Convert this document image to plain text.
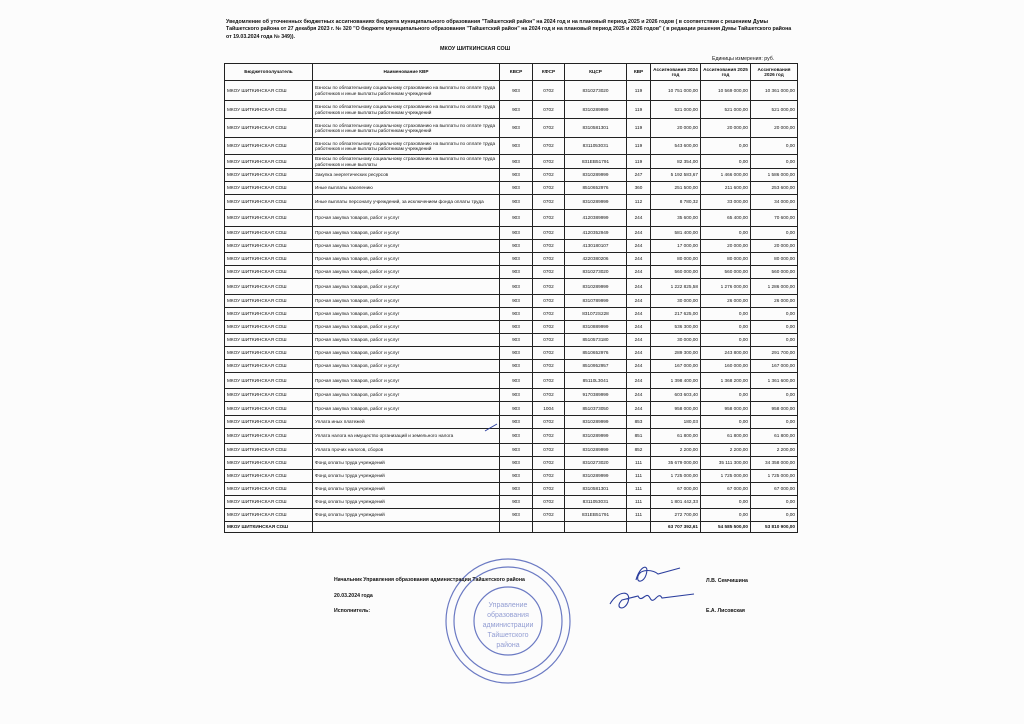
Уведомление об уточненных бюджетных ассигнованиях бюджета муниципального образования "Тайшетский район" на 2024 год и на плановый период 2025 и 2026 годов ( в соответствии с решением Думы Тайшетского района от 27 декабря 2023 г. № 320 "О бюджете муниципального образования "Тайшетский район" на 2024 год и на плановый период 2025 и 2026 годов" ( в редакции решения Думы Тайшетского района от 19.03.2024 года № 349)).
МКОУ ШИТКИНСКАЯ СОШ
Единицы измерения: руб.
Бюджетополучатель	Наименование КВР	КВСР	КФСР	КЦСР	КВР	Ассигнования 2024 год	Ассигнования 2025 год	Ассигнования 2026 год
МКОУ ШИТКИНСКАЯ СОШ	Взносы по обязательному социальному страхованию на выплаты по оплате труда работников и иные выплаты работникам учреждений	903	0702	8310273020	119	10 751 000,00	10 569 000,00	10 361 000,00
МКОУ ШИТКИНСКАЯ СОШ	Взносы по обязательному социальному страхованию на выплаты по оплате труда работников и иные выплаты работникам учреждений	903	0702	8310289999	119	521 000,00	521 000,00	521 000,00
МКОУ ШИТКИНСКАЯ СОШ	Взносы по обязательному социальному страхованию на выплаты по оплате труда работников и иные выплаты работникам учреждений	903	0702	8310581301	119	20 000,00	20 000,00	20 000,00
МКОУ ШИТКИНСКАЯ СОШ	Взносы по обязательному социальному страхованию на выплаты по оплате труда работников и иные выплаты работникам учреждений	903	0702	8311053031	119	543 600,00	0,00	0,00
МКОУ ШИТКИНСКАЯ СОШ	Взносы по обязательному социальному страхованию на выплаты по оплате труда работников и иные выплаты	903	0702	831ЕВ51791	119	82 354,00	0,00	0,00
МКОУ ШИТКИНСКАЯ СОШ	Закупка энергетических ресурсов	903	0702	8310289999	247	5 192 583,67	1 466 000,00	1 586 000,00
МКОУ ШИТКИНСКАЯ СОШ	Иные выплаты населению	903	0702	8510652976	360	251 500,00	211 600,00	253 600,00
МКОУ ШИТКИНСКАЯ СОШ	Иные выплаты персоналу учреждений, за исключением фонда оплаты труда	903	0702	8310289999	112	8 780,32	33 000,00	34 000,00
МКОУ ШИТКИНСКАЯ СОШ	Прочая закупка товаров, работ и услуг	903	0702	4120389999	244	35 600,00	65 400,00	70 600,00
МКОУ ШИТКИНСКАЯ СОШ	Прочая закупка товаров, работ и услуг	903	0702	4120352949	244	581 400,00	0,00	0,00
МКОУ ШИТКИНСКАЯ СОШ	Прочая закупка товаров, работ и услуг	903	0702	4130180107	244	17 000,00	20 000,00	20 000,00
МКОУ ШИТКИНСКАЯ СОШ	Прочая закупка товаров, работ и услуг	903	0702	4220380206	244	80 000,00	80 000,00	80 000,00
МКОУ ШИТКИНСКАЯ СОШ	Прочая закупка товаров, работ и услуг	903	0702	8310273020	244	560 000,00	560 000,00	560 000,00
МКОУ ШИТКИНСКАЯ СОШ	Прочая закупка товаров, работ и услуг	903	0702	8310289999	244	1 222 825,58	1 276 000,00	1 286 000,00
МКОУ ШИТКИНСКАЯ СОШ	Прочая закупка товаров, работ и услуг	903	0702	8310789999	244	30 000,00	26 000,00	26 000,00
МКОУ ШИТКИНСКАЯ СОШ	Прочая закупка товаров, работ и услуг	903	0702	831072S228	244	217 625,00	0,00	0,00
МКОУ ШИТКИНСКАЯ СОШ	Прочая закупка товаров, работ и услуг	903	0702	8310889999	244	536 300,00	0,00	0,00
МКОУ ШИТКИНСКАЯ СОШ	Прочая закупка товаров, работ и услуг	903	0702	8510573180	244	30 000,00	0,00	0,00
МКОУ ШИТКИНСКАЯ СОШ	Прочая закупка товаров, работ и услуг	903	0702	8510652976	244	289 300,00	243 800,00	291 700,00
МКОУ ШИТКИНСКАЯ СОШ	Прочая закупка товаров, работ и услуг	903	0702	8510952957	244	167 000,00	160 000,00	167 000,00
МКОУ ШИТКИНСКАЯ СОШ	Прочая закупка товаров, работ и услуг	903	0702	85110L3041	244	1 398 400,00	1 368 200,00	1 361 600,00
МКОУ ШИТКИНСКАЯ СОШ	Прочая закупка товаров, работ и услуг	903	0702	9170389999	244	603 603,40	0,00	0,00
МКОУ ШИТКИНСКАЯ СОШ	Прочая закупка товаров, работ и услуг	903	1004	8510373050	244	958 000,00	958 000,00	958 000,00
МКОУ ШИТКИНСКАЯ СОШ	Уплата иных платежей	903	0702	8310289999	853	180,03	0,00	0,00
МКОУ ШИТКИНСКАЯ СОШ	Уплата налога на имущество организаций и земельного налога	903	0702	8310289999	851	61 800,00	61 800,00	61 800,00
МКОУ ШИТКИНСКАЯ СОШ	Уплата прочих налогов, сборов	903	0702	8310289999	852	2 200,00	2 200,00	2 200,00
МКОУ ШИТКИНСКАЯ СОШ	Фонд оплаты труда учреждений	903	0702	8310273020	111	35 679 000,00	35 111 300,00	34 358 000,00
МКОУ ШИТКИНСКАЯ СОШ	Фонд оплаты труда учреждений	903	0702	8310289999	111	1 725 000,00	1 725 000,00	1 725 000,00
МКОУ ШИТКИНСКАЯ СОШ	Фонд оплаты труда учреждений	903	0702	8310581301	111	67 000,00	67 000,00	67 000,00
МКОУ ШИТКИНСКАЯ СОШ	Фонд оплаты труда учреждений	903	0702	8311053031	111	1 801 442,33	0,00	0,00
МКОУ ШИТКИНСКАЯ СОШ	Фонд оплаты труда учреждений	903	0702	831ЕВ51791	111	272 700,00	0,00	0,00
МКОУ ШИТКИНСКАЯ СОШ						63 707 392,61	54 585 500,00	53 810 900,00
Управление
образования
администрации
Тайшетского
района
Начальник Управления образования администрации Тайшетского района	Л.В. Семчишина
20.03.2024 года
Исполнитель:	Е.А. Лисовская
